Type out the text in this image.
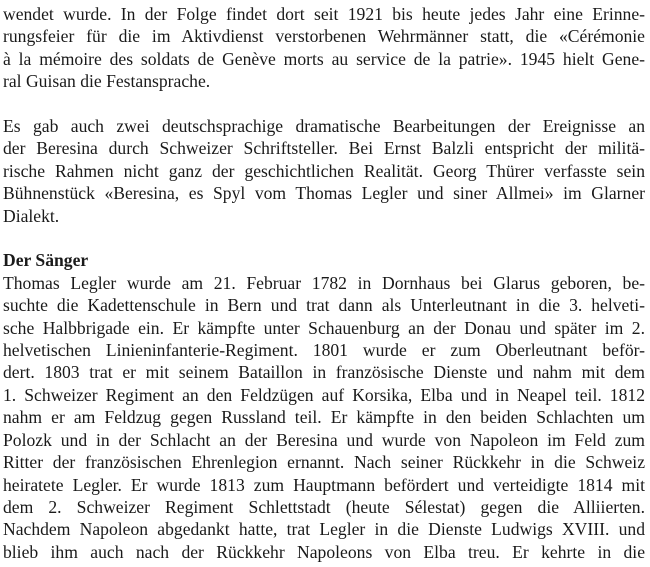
wendet wurde. In der Folge findet dort seit 1921 bis heute jedes Jahr eine Erinne-
rungsfeier für die im Aktivdienst verstorbenen Wehrmänner statt, die «Cérémonie
à la mémoire des soldats de Genève morts au service de la patrie». 1945 hielt Gene-
ral Guisan die Festansprache.
Es gab auch zwei deutschsprachige dramatische Bearbeitungen der Ereignisse an
der Beresina durch Schweizer Schriftsteller. Bei Ernst Balzli entspricht der militä-
rische Rahmen nicht ganz der geschichtlichen Realität. Georg Thürer verfasste sein
Bühnenstück «Beresina, es Spyl vom Thomas Legler und siner Allmei» im Glarner
Dialekt.
Der Sänger
Thomas Legler wurde am 21. Februar 1782 in Dornhaus bei Glarus geboren, be-
suchte die Kadettenschule in Bern und trat dann als Unterleutnant in die 3. helveti-
sche Halbbrigade ein. Er kämpfte unter Schauenburg an der Donau und später im 2.
helvetischen Linieninfanterie-Regiment. 1801 wurde er zum Oberleutnant beför-
dert. 1803 trat er mit seinem Bataillon in französische Dienste und nahm mit dem
1. Schweizer Regiment an den Feldzügen auf Korsika, Elba und in Neapel teil. 1812
nahm er am Feldzug gegen Russland teil. Er kämpfte in den beiden Schlachten um
Polozk und in der Schlacht an der Beresina und wurde von Napoleon im Feld zum
Ritter der französischen Ehrenlegion ernannt. Nach seiner Rückkehr in die Schweiz
heiratete Legler. Er wurde 1813 zum Hauptmann befördert und verteidigte 1814 mit
dem 2. Schweizer Regiment Schlettstadt (heute Sélestat) gegen die Alliierten.
Nachdem Napoleon abgedankt hatte, trat Legler in die Dienste Ludwigs XVIII. und
blieb ihm auch nach der Rückkehr Napoleons von Elba treu. Er kehrte in die
